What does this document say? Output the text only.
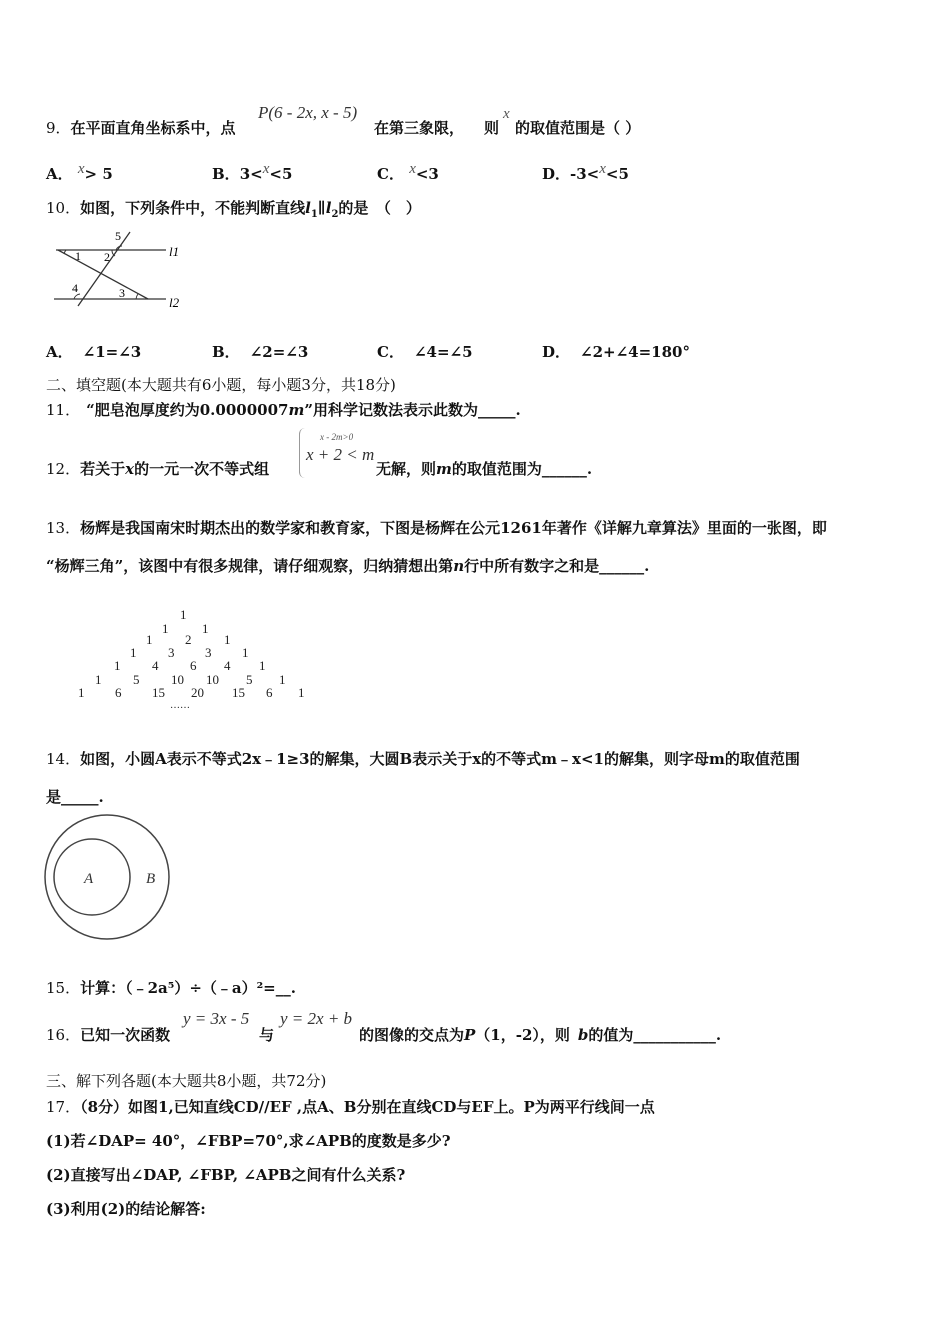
9．在平面直角坐标系中，点
P(6 - 2x, x - 5)
在第三象限， 则
x
的取值范围是（ ）
A． x> 5	B．3<x<5	C． x<3	D．-3<x<5
10．如图，下列条件中，不能判断直线$l_1\parallel l_2$的是　（　）
1 2
3
4
5
l1
l2
A． ∠1=∠3	B． ∠2=∠3	C． ∠4=∠5	D． ∠2+∠4=180°
二、填空题(本大题共有6小题，每小题3分，共18分)
11． “肥皂泡厚度约为0.0000007m”用科学记数法表示此数为_____.
12．若关于x的一元一次不等式组
x - 2m>0
x + 2 < m
无解，则m的取值范围为______.
13．杨辉是我国南宋时期杰出的数学家和教育家，下图是杨辉在公元1261年著作《详解九章算法》里面的一张图，即
“杨辉三角”，该图中有很多规律，请仔细观察，归纳猜想出第n行中所有数字之和是______.
1
1	1
1	2	1
1 3 3 1
1 4 6 4 1
1 5 10 10 5 1
1 6 15 20 15 6 1
……
14．如图，小圆A表示不等式2x﹣1≥3的解集，大圆B表示关于x的不等式m﹣x<1的解集，则字母m的取值范围
是_____.
A	B
15．计算：（﹣2a⁵）÷（﹣a）²=__.
16．已知一次函数
y = 3x - 5
与
y = 2x + b
的图像的交点为P（1，-2），则 b的值为___________.
三、解下列各题(本大题共8小题，共72分)
17．（8分）如图1,已知直线CD//EF ,点A、B分别在直线CD与EF上。P为两平行线间一点
(1)若∠DAP= 40°，∠FBP=70°,求∠APB的度数是多少?
(2)直接写出∠DAP, ∠FBP, ∠APB之间有什么关系?
(3)利用(2)的结论解答:
